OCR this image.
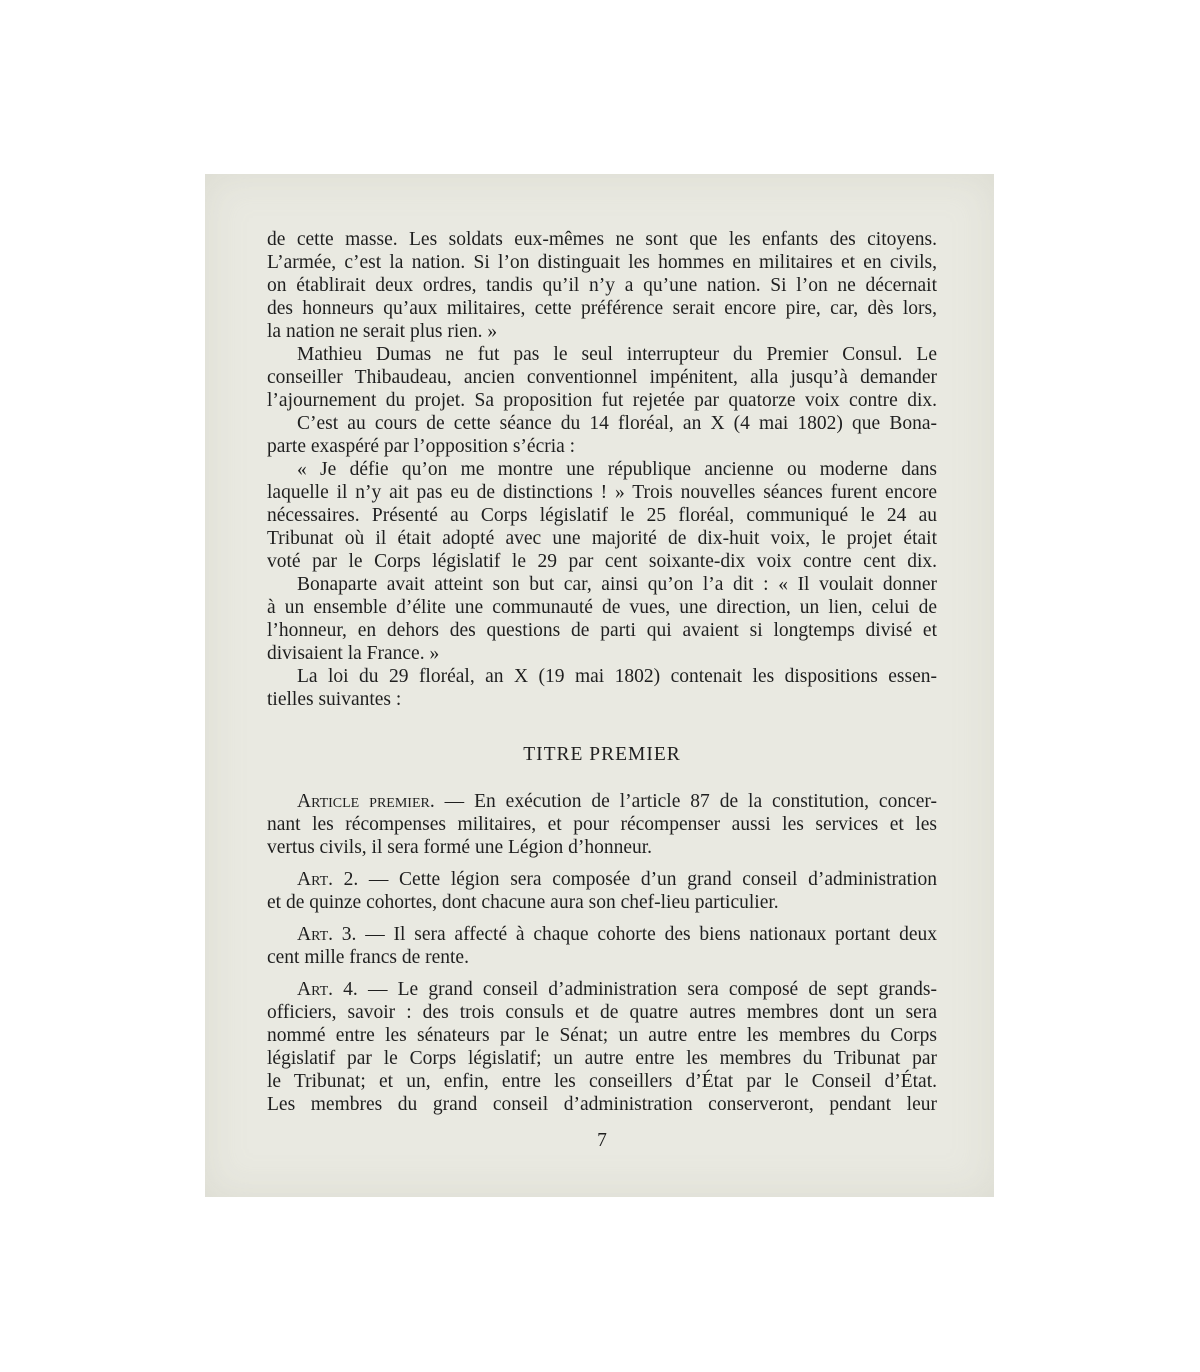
de cette masse. Les soldats eux-mêmes ne sont que les enfants des citoyens.
L’armée, c’est la nation. Si l’on distinguait les hommes en militaires et en civils,
on établirait deux ordres, tandis qu’il n’y a qu’une nation. Si l’on ne décernait
des honneurs qu’aux militaires, cette préférence serait encore pire, car, dès lors,
la nation ne serait plus rien. »
Mathieu Dumas ne fut pas le seul interrupteur du Premier Consul. Le
conseiller Thibaudeau, ancien conventionnel impénitent, alla jusqu’à demander
l’ajournement du projet. Sa proposition fut rejetée par quatorze voix contre dix.
C’est au cours de cette séance du 14 floréal, an X (4 mai 1802) que Bona-
parte exaspéré par l’opposition s’écria :
« Je défie qu’on me montre une république ancienne ou moderne dans
laquelle il n’y ait pas eu de distinctions ! » Trois nouvelles séances furent encore
nécessaires. Présenté au Corps législatif le 25 floréal, communiqué le 24 au
Tribunat où il était adopté avec une majorité de dix-huit voix, le projet était
voté par le Corps législatif le 29 par cent soixante-dix voix contre cent dix.
Bonaparte avait atteint son but car, ainsi qu’on l’a dit : « Il voulait donner
à un ensemble d’élite une communauté de vues, une direction, un lien, celui de
l’honneur, en dehors des questions de parti qui avaient si longtemps divisé et
divisaient la France. »
La loi du 29 floréal, an X (19 mai 1802) contenait les dispositions essen-
tielles suivantes :
TITRE PREMIER
Article premier. — En exécution de l’article 87 de la constitution, concer-
nant les récompenses militaires, et pour récompenser aussi les services et les
vertus civils, il sera formé une Légion d’honneur.
Art. 2. — Cette légion sera composée d’un grand conseil d’administration
et de quinze cohortes, dont chacune aura son chef-lieu particulier.
Art. 3. — Il sera affecté à chaque cohorte des biens nationaux portant deux
cent mille francs de rente.
Art. 4. — Le grand conseil d’administration sera composé de sept grands-
officiers, savoir : des trois consuls et de quatre autres membres dont un sera
nommé entre les sénateurs par le Sénat; un autre entre les membres du Corps
législatif par le Corps législatif; un autre entre les membres du Tribunat par
le Tribunat; et un, enfin, entre les conseillers d’État par le Conseil d’État.
Les membres du grand conseil d’administration conserveront, pendant leur
7
